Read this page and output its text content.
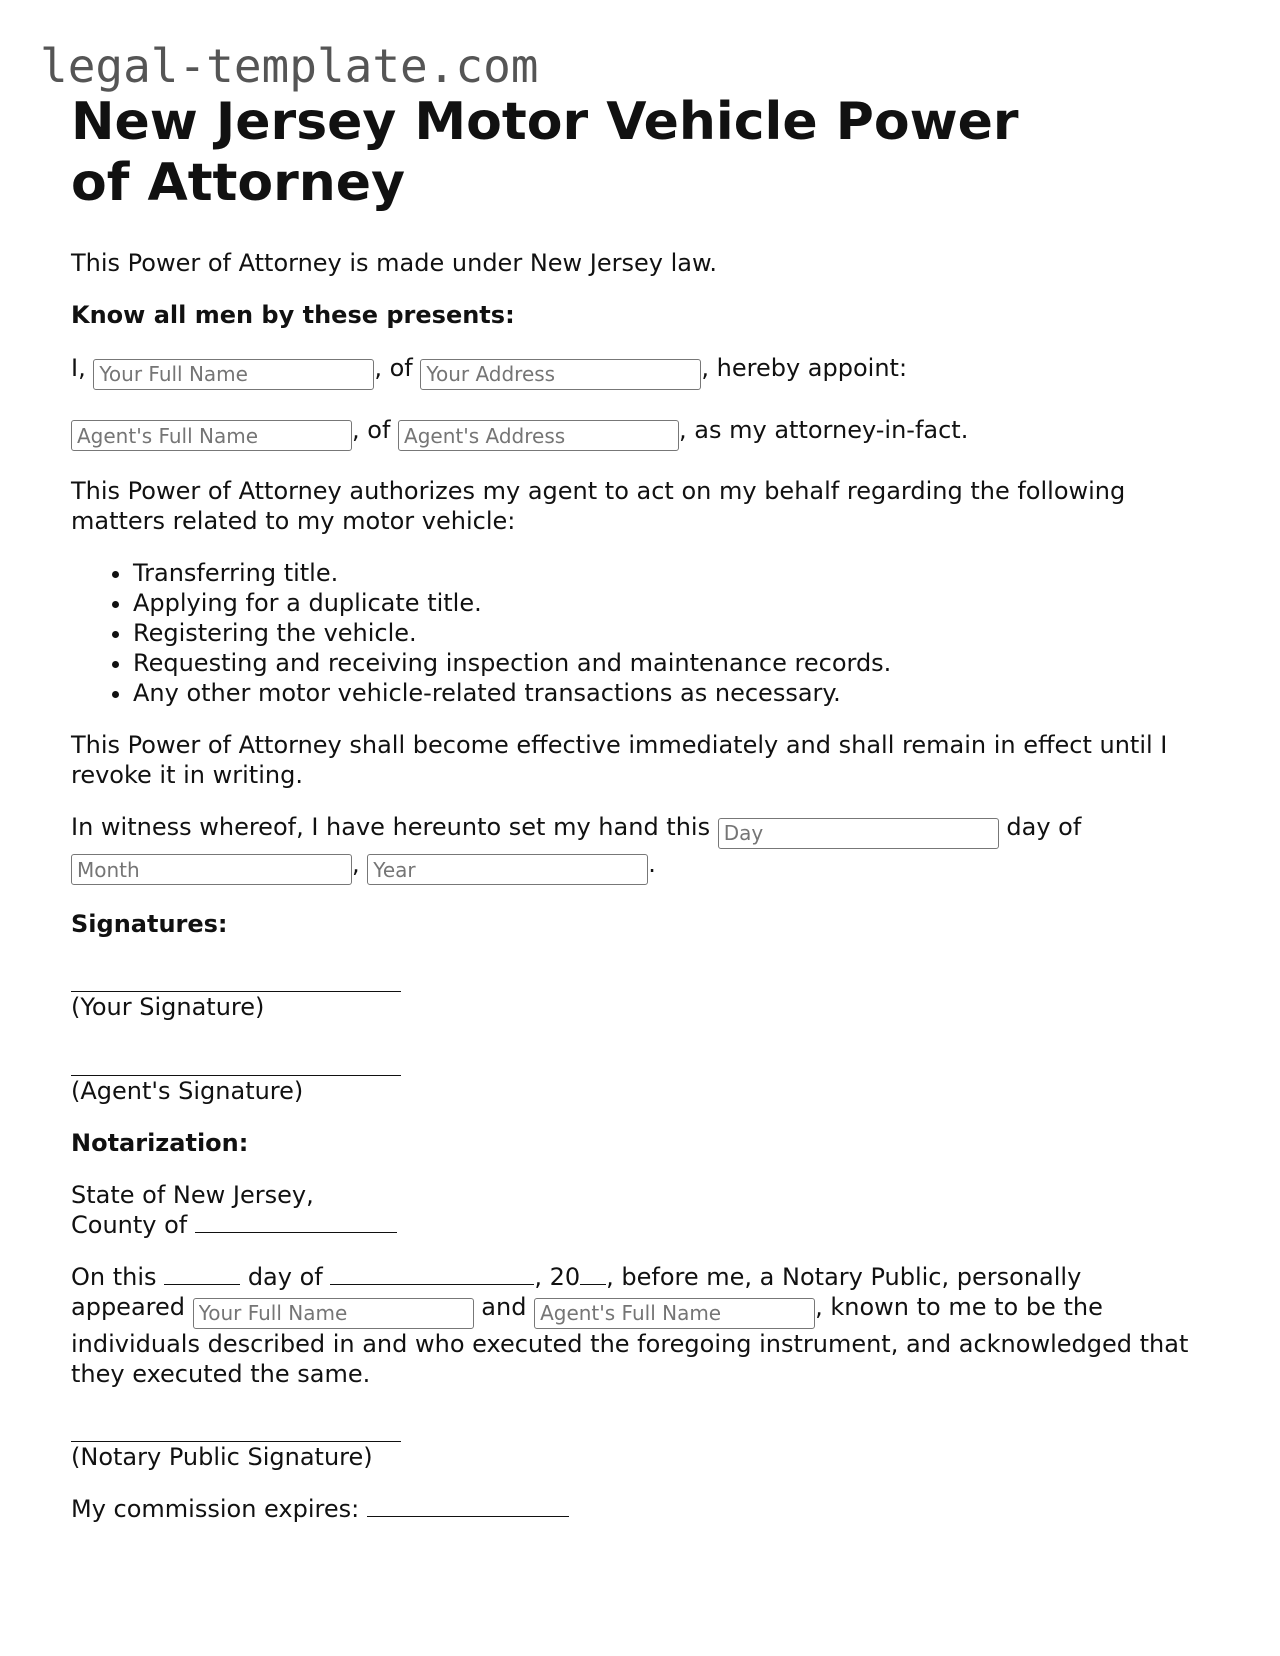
legal-template.com
New Jersey Motor Vehicle Power of Attorney

This Power of Attorney is made under New Jersey law.

Know all men by these presents:

I, Your Full Name	, of Your Address	, hereby appoint:

Agent's Full Name, of Agent's Address	, as my attorney-in-fact.

This Power of Attorney authorizes my agent to act on my behalf regarding the following matters related to my motor vehicle:

• Transferring title.
• Applying for a duplicate title.
• Registering the vehicle.
• Requesting and receiving inspection and maintenance records.
• Any other motor vehicle-related transactions as necessary.

This Power of Attorney shall become effective immediately and shall remain in effect until I revoke it in writing.

In witness whereof, I have hereunto set my hand this Day	day of
Month, Year	.

Signatures:

(Your Signature)

(Agent's Signature)

Notarization:

State of New Jersey,

County of

On this	day of	, 20 , before me, a Notary Public, personally
appeared Your Full Name	and Agent's Full Name	, known to me to be the individuals described in and who executed the foregoing instrument, and acknowledged that they executed the same.

(Notary Public Signature)

My commission expires:
